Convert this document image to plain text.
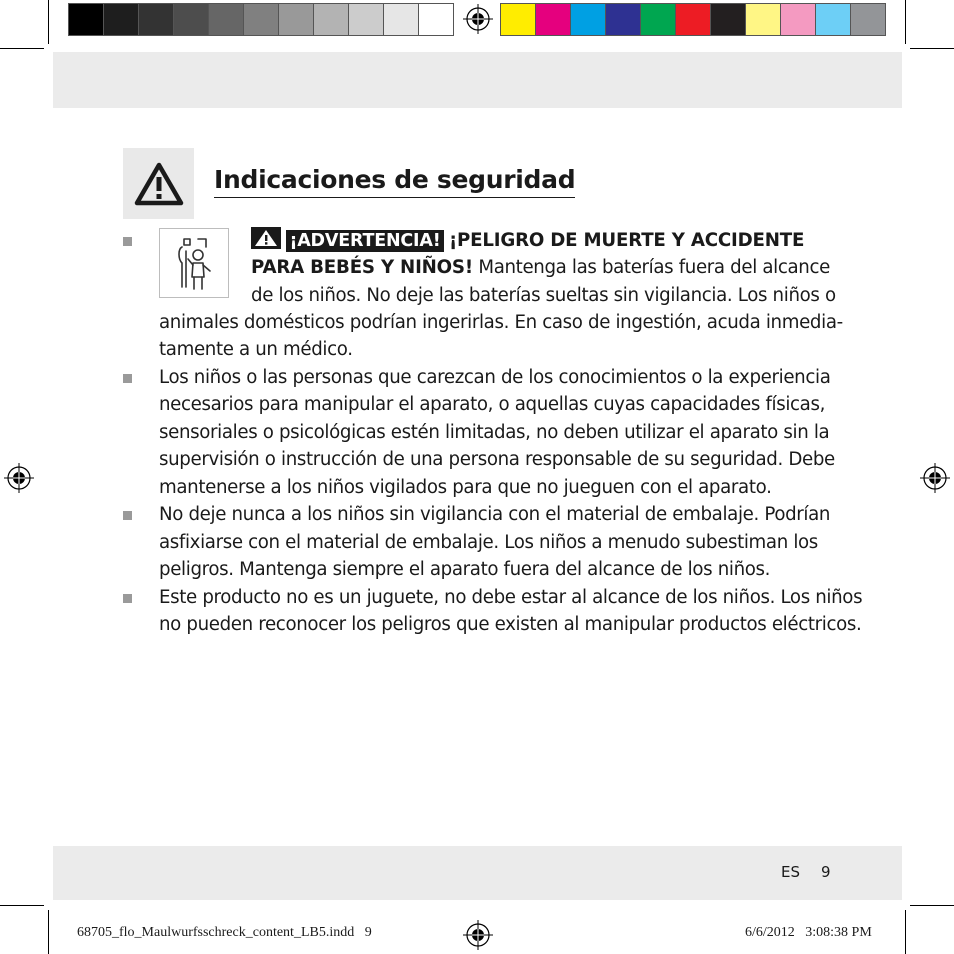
Indicaciones de seguridad
¡ADVERTENCIA! ¡PELIGRO DE MUERTE Y ACCIDENTE
PARA BEBÉS Y NIÑOS! Mantenga las baterías fuera del alcance
de los niños. No deje las baterías sueltas sin vigilancia. Los niños o
animales domésticos podrían ingerirlas. En caso de ingestión, acuda inmedia-
tamente a un médico.
Los niños o las personas que carezcan de los conocimientos o la experiencia
necesarios para manipular el aparato, o aquellas cuyas capacidades físicas,
sensoriales o psicológicas estén limitadas, no deben utilizar el aparato sin la
supervisión o instrucción de una persona responsable de su seguridad. Debe
mantenerse a los niños vigilados para que no jueguen con el aparato.
No deje nunca a los niños sin vigilancia con el material de embalaje. Podrían
asfixiarse con el material de embalaje. Los niños a menudo subestiman los
peligros. Mantenga siempre el aparato fuera del alcance de los niños.
Este producto no es un juguete, no debe estar al alcance de los niños. Los niños
no pueden reconocer los peligros que existen al manipular productos eléctricos.
ES 9
68705_flo_Maulwurfsschreck_content_LB5.indd   9	6/6/2012   3:08:38 PM
